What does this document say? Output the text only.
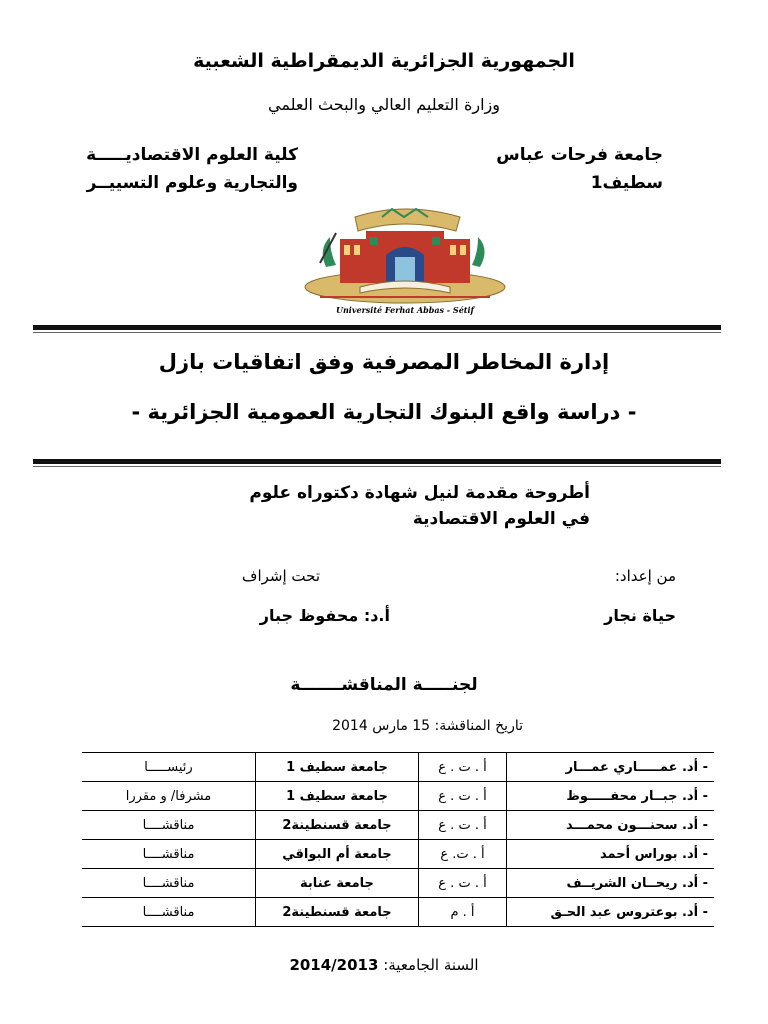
الجمهورية الجزائرية الديمقراطية الشعبية
وزارة التعليم العالي والبحث العلمي
جامعة فرحات عباس
سطيف1
كلية العلوم الاقتصاديـــــة
والتجارية وعلوم التسييــر
Université Ferhat Abbas - Sétif
إدارة المخاطر المصرفية وفق اتفاقيات بازل
- دراسة واقع البنوك التجارية العمومية الجزائرية -
أطروحة مقدمة لنيل شهادة دكتوراه علوم
في العلوم الاقتصادية
من إعداد:
تحت إشراف
حياة نجار
أ.د: محفوظ جبار
لجنـــــة المناقشـــــــة
تاريخ المناقشة: 15 مارس 2014
- أد. عمـــــاري عمـــار	أ . ت . ع	جامعة سطيف 1	رئيســـــا
- أد. جبــار محفـــــوظ	أ . ت . ع	جامعة سطيف 1	مشرفا/ و مقررا
- أد. سحنـــون محمـــد	أ . ت . ع	جامعة قسنطينة2	مناقشــــا
- أد. بوراس أحمد	أ . ت. ع	جامعة أم البواقي	مناقشــــا
- أد. ريحــان الشريــف	أ . ت . ع	جامعة عنابة	مناقشــــا
- أد. بوعتروس عبد الحـق	أ . م	جامعة قسنطينة2	مناقشــــا
السنة الجامعية: 2014/2013
